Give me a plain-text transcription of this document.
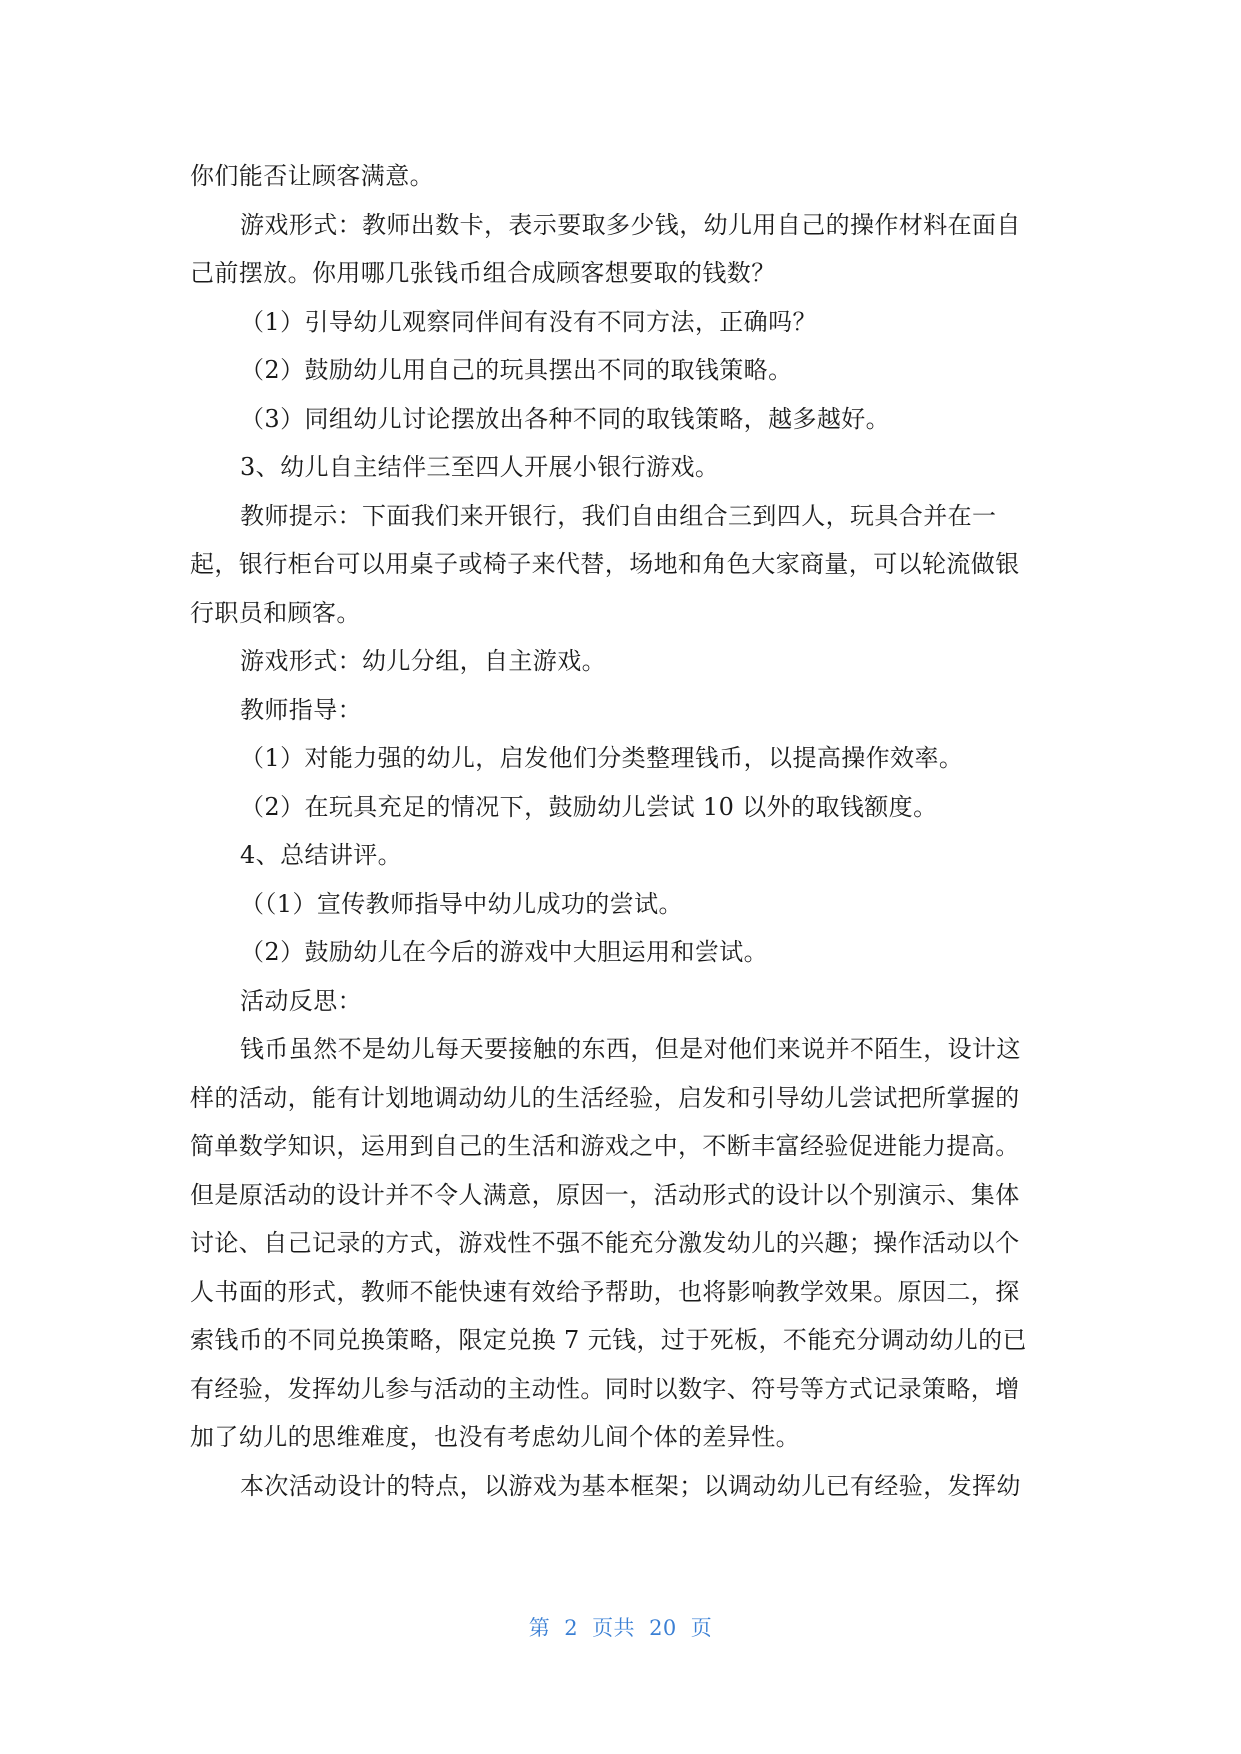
你们能否让顾客满意。
游戏形式：教师出数卡，表示要取多少钱，幼儿用自己的操作材料在面自
己前摆放。你用哪几张钱币组合成顾客想要取的钱数？
（1）引导幼儿观察同伴间有没有不同方法，正确吗？
（2）鼓励幼儿用自己的玩具摆出不同的取钱策略。
（3）同组幼儿讨论摆放出各种不同的取钱策略，越多越好。
3、幼儿自主结伴三至四人开展小银行游戏。
教师提示：下面我们来开银行，我们自由组合三到四人，玩具合并在一
起，银行柜台可以用桌子或椅子来代替，场地和角色大家商量，可以轮流做银
行职员和顾客。
游戏形式：幼儿分组，自主游戏。
教师指导：
（1）对能力强的幼儿，启发他们分类整理钱币，以提高操作效率。
（2）在玩具充足的情况下，鼓励幼儿尝试 10 以外的取钱额度。
4、总结讲评。
（（1）宣传教师指导中幼儿成功的尝试。
（2）鼓励幼儿在今后的游戏中大胆运用和尝试。
活动反思：
钱币虽然不是幼儿每天要接触的东西，但是对他们来说并不陌生，设计这
样的活动，能有计划地调动幼儿的生活经验，启发和引导幼儿尝试把所掌握的
简单数学知识，运用到自己的生活和游戏之中，不断丰富经验促进能力提高。
但是原活动的设计并不令人满意，原因一，活动形式的设计以个别演示、集体
讨论、自己记录的方式，游戏性不强不能充分激发幼儿的兴趣；操作活动以个
人书面的形式，教师不能快速有效给予帮助，也将影响教学效果。原因二，探
索钱币的不同兑换策略，限定兑换 7 元钱，过于死板，不能充分调动幼儿的已
有经验，发挥幼儿参与活动的主动性。同时以数字、符号等方式记录策略，增
加了幼儿的思维难度，也没有考虑幼儿间个体的差异性。
本次活动设计的特点，以游戏为基本框架；以调动幼儿已有经验，发挥幼
第 2 页共 20 页
